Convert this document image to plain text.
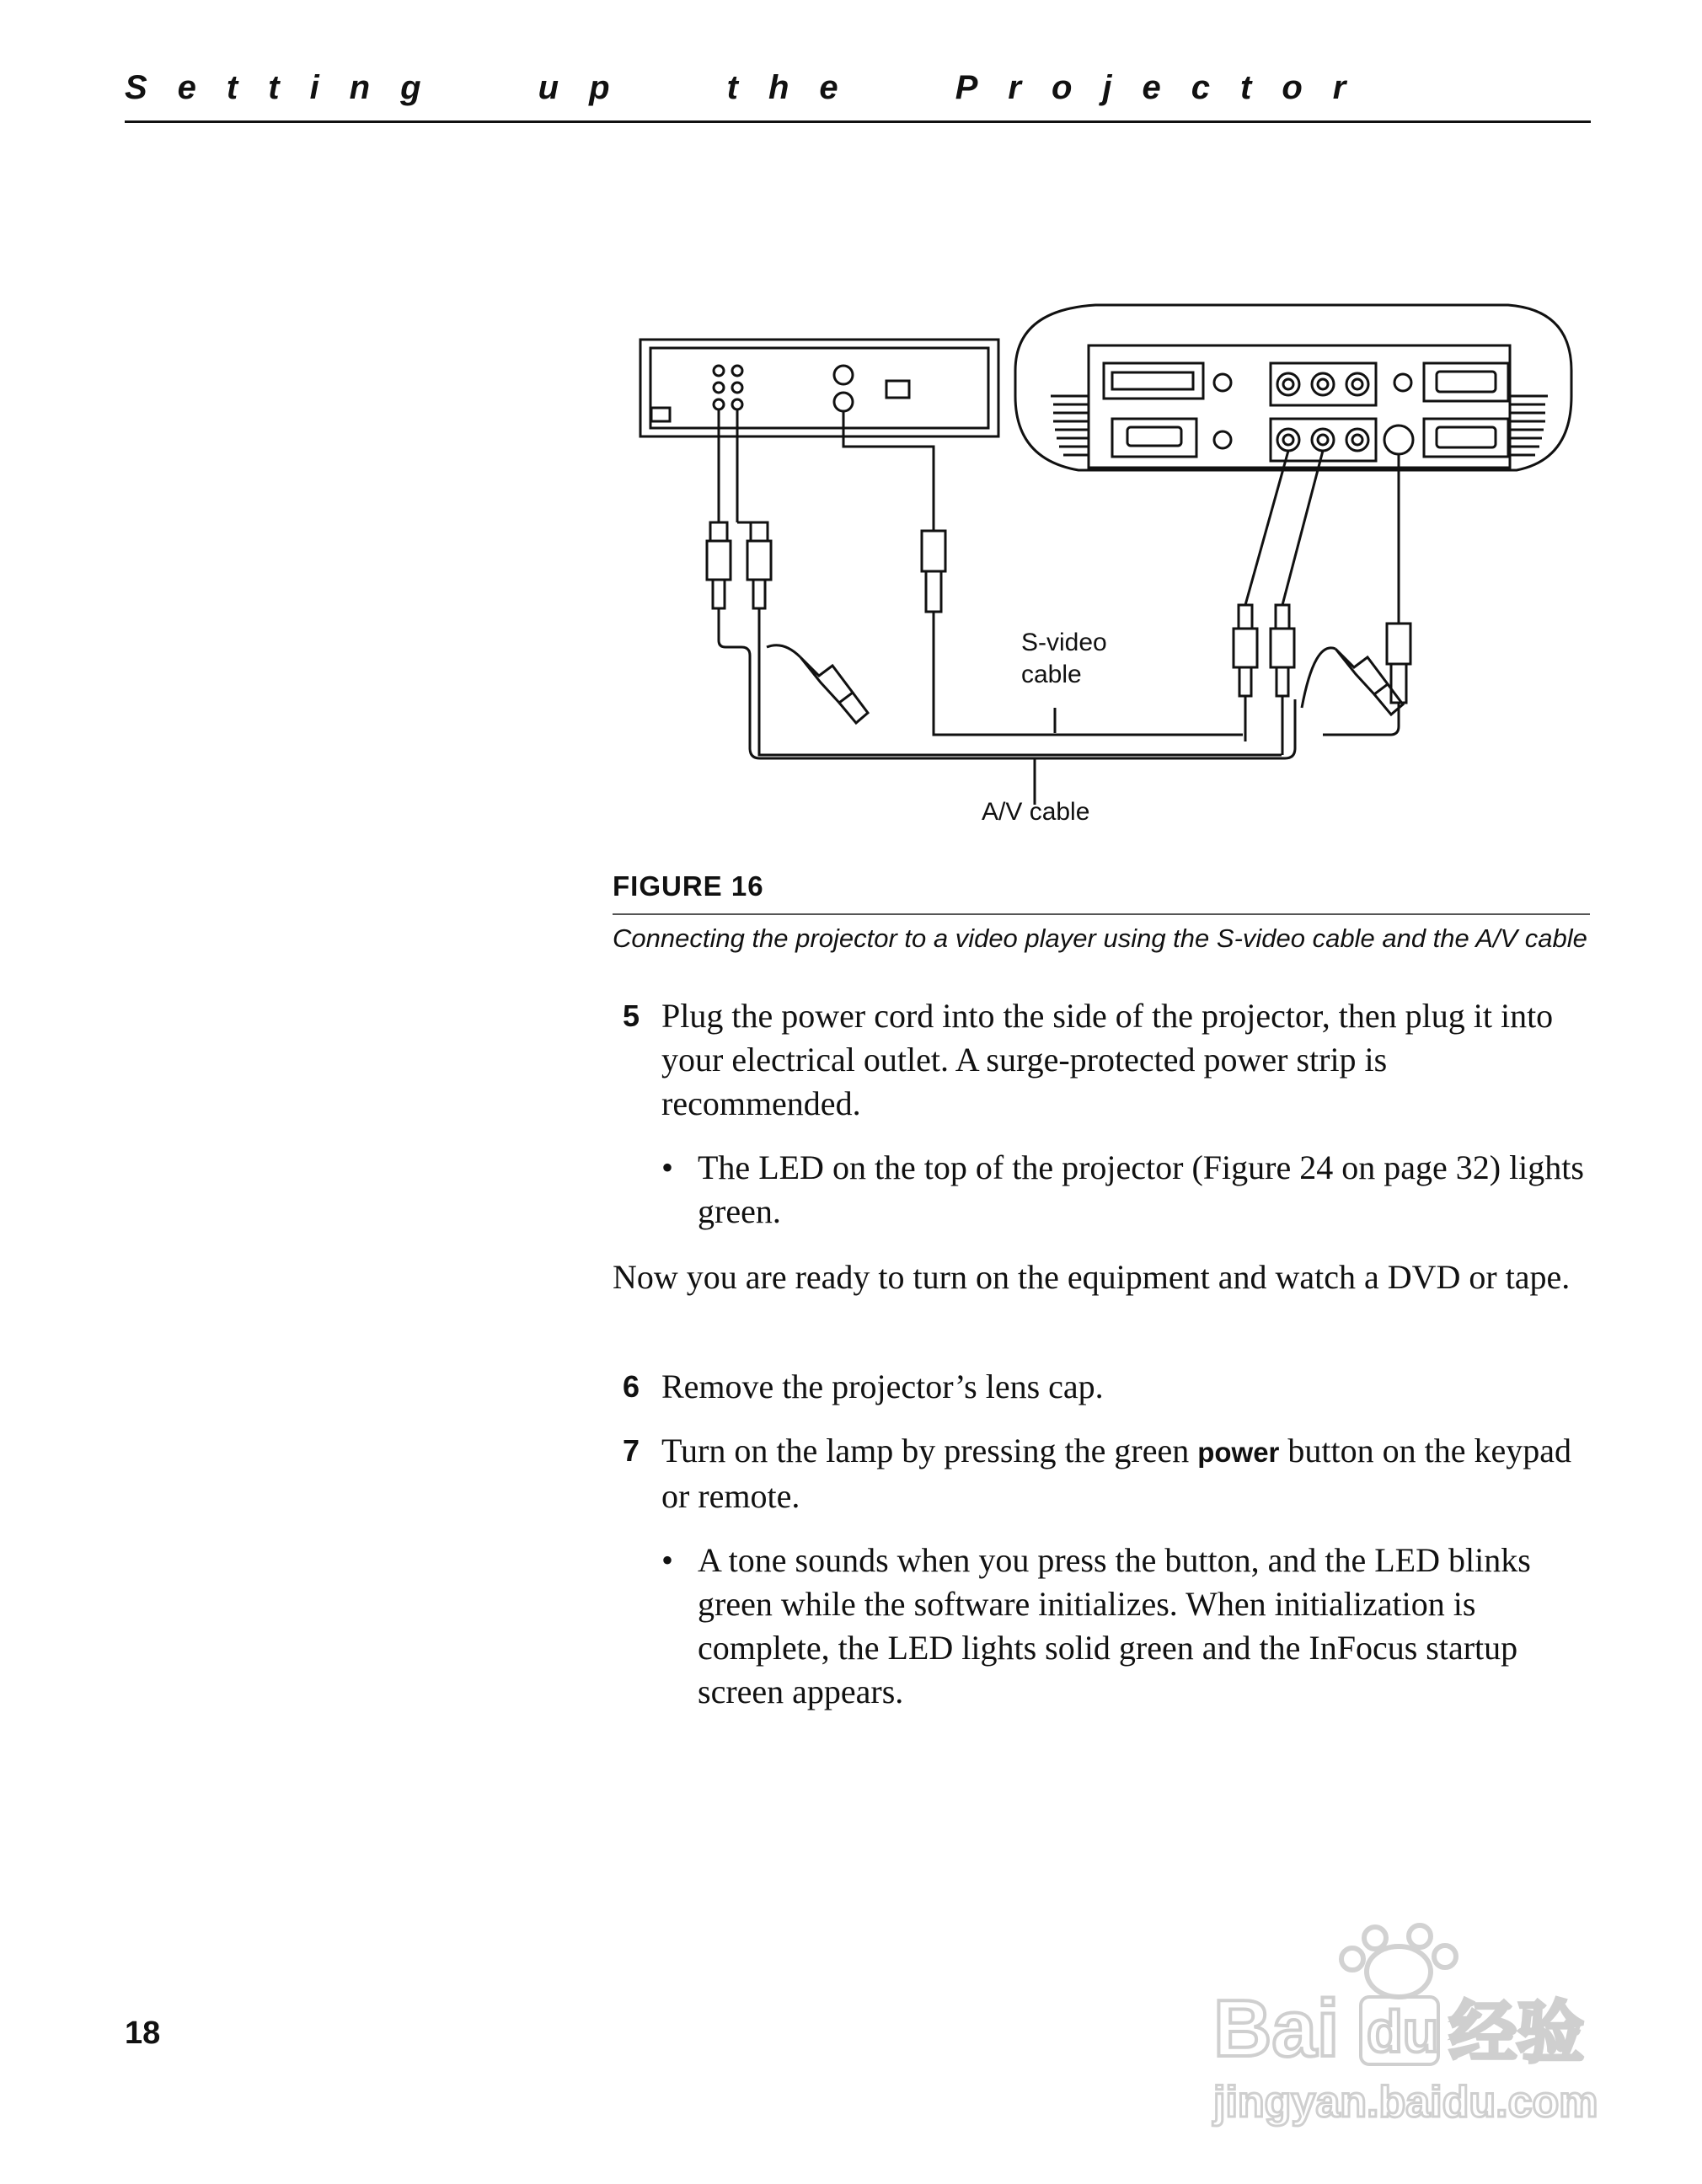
Setting up the Projector
S-video
cable
A/V cable
FIGURE 16
Connecting the projector to a video player using the S-video cable and the A/V cable
5 Plug the power cord into the side of the projector, then plug it into your electrical outlet. A surge-protected power strip is recommended.
• The LED on the top of the projector (Figure 24 on page 32) lights green.
Now you are ready to turn on the equipment and watch a DVD or tape.
6 Remove the projector’s lens cap.
7 Turn on the lamp by pressing the green power button on the keypad or remote.
• A tone sounds when you press the button, and the LED blinks green while the software initializes. When initialization is complete, the LED lights solid green and the InFocus startup screen appears.
18	Bai du 经验
jingyan.baidu.com
